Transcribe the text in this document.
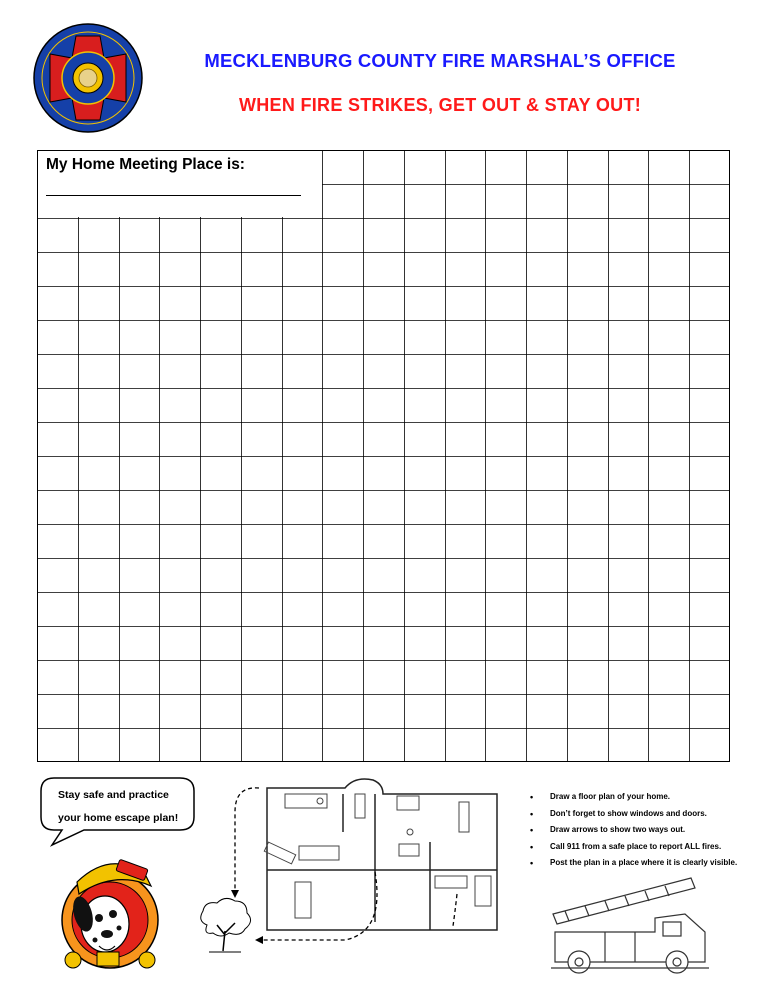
MECKLENBURG COUNTY FIRE MARSHAL’S OFFICE
WHEN FIRE STRIKES, GET OUT & STAY OUT!
My Home Meeting Place is:
Stay safe and practice
your home escape plan!
• Draw a floor plan of your home.
• Don’t forget to show windows and doors.
• Draw arrows to show two ways out.
• Call 911 from a safe place to report ALL fires.
• Post the plan in a place where it is clearly visible.
